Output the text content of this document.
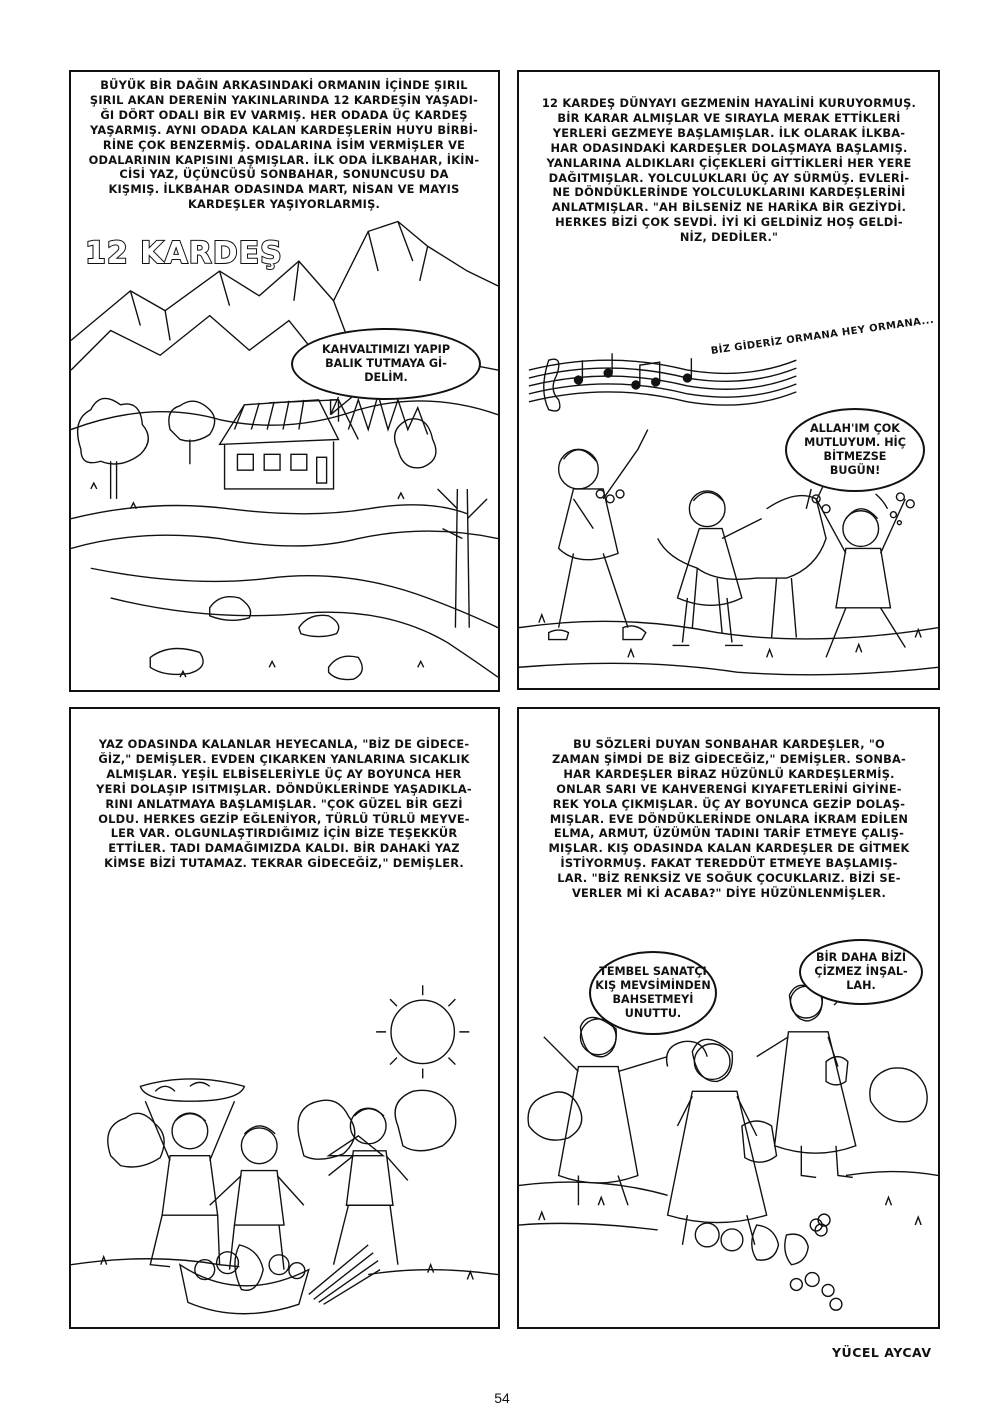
BÜYÜK BİR DAĞIN ARKASINDAKİ ORMANIN İÇİNDE ŞIRIL
ŞIRIL AKAN DERENİN YAKINLARINDA 12 KARDEŞİN YAŞADI-
ĞI DÖRT ODALI BİR EV VARMIŞ. HER ODADA ÜÇ KARDEŞ
YAŞARMIŞ. AYNI ODADA KALAN KARDEŞLERİN HUYU BİRBİ-
RİNE ÇOK BENZERMİŞ. ODALARINA İSİM VERMİŞLER VE
ODALARININ KAPISINI AŞMIŞLAR. İLK ODA İLKBAHAR, İKİN-
CİSİ YAZ, ÜÇÜNCÜSÜ SONBAHAR, SONUNCUSU DA
KIŞMIŞ. İLKBAHAR ODASINDA MART, NİSAN VE MAYIS
KARDEŞLER YAŞIYORLARMIŞ.
12 KARDEŞ
KAHVALTIMIZI YAPIP
BALIK TUTMAYA Gİ-
DELİM.
12 KARDEŞ DÜNYAYI GEZMENİN HAYALİNİ KURUYORMUŞ.
BİR KARAR ALMIŞLAR VE SIRAYLA MERAK ETTİKLERİ
YERLERİ GEZMEYE BAŞLAMIŞLAR. İLK OLARAK İLKBA-
HAR ODASINDAKİ KARDEŞLER DOLAŞMAYA BAŞLAMIŞ.
YANLARINA ALDIKLARI ÇİÇEKLERİ GİTTİKLERİ HER YERE
DAĞITMIŞLAR. YOLCULUKLARI ÜÇ AY SÜRMÜŞ. EVLERİ-
NE DÖNDÜKLERİNDE YOLCULUKLARINI KARDEŞLERİNİ
ANLATMIŞLAR. "AH BİLSENİZ NE HARİKA BİR GEZİYDİ.
HERKES BİZİ ÇOK SEVDİ. İYİ Kİ GELDİNİZ HOŞ GELDİ-
NİZ, DEDİLER."
BİZ GİDERİZ ORMANA HEY ORMANA...
ALLAH'IM ÇOK
MUTLUYUM. HİÇ
BİTMEZSE
BUGÜN!
YAZ ODASINDA KALANLAR HEYECANLA, "BİZ DE GİDECE-
ĞİZ," DEMİŞLER. EVDEN ÇIKARKEN YANLARINA SICAKLIK
ALMIŞLAR. YEŞİL ELBİSELERİYLE ÜÇ AY BOYUNCA HER
YERİ DOLAŞIP ISITMIŞLAR. DÖNDÜKLERİNDE YAŞADIKLA-
RINI ANLATMAYA BAŞLAMIŞLAR. "ÇOK GÜZEL BİR GEZİ
OLDU. HERKES GEZİP EĞLENİYOR, TÜRLÜ TÜRLÜ MEYVE-
LER VAR. OLGUNLAŞTIRDIĞIMIZ İÇİN BİZE TEŞEKKÜR
ETTİLER. TADI DAMAĞIMIZDA KALDI. BİR DAHAKİ YAZ
KİMSE BİZİ TUTAMAZ. TEKRAR GİDECEĞİZ," DEMİŞLER.
BU SÖZLERİ DUYAN SONBAHAR KARDEŞLER, "O
ZAMAN ŞİMDİ DE BİZ GİDECEĞİZ," DEMİŞLER. SONBA-
HAR KARDEŞLER BİRAZ HÜZÜNLÜ KARDEŞLERMİŞ.
ONLAR SARI VE KAHVERENGİ KIYAFETLERİNİ GİYİNE-
REK YOLA ÇIKMIŞLAR. ÜÇ AY BOYUNCA GEZİP DOLAŞ-
MIŞLAR. EVE DÖNDÜKLERİNDE ONLARA İKRAM EDİLEN
ELMA, ARMUT, ÜZÜMÜN TADINI TARİF ETMEYE ÇALIŞ-
MIŞLAR. KIŞ ODASINDA KALAN KARDEŞLER DE GİTMEK
İSTİYORMUŞ. FAKAT TEREDDÜT ETMEYE BAŞLAMIŞ-
LAR. "BİZ RENKSİZ VE SOĞUK ÇOCUKLARIZ. BİZİ SE-
VERLER Mİ Kİ ACABA?" DİYE HÜZÜNLENMİŞLER.
TEMBEL SANATÇI
KIŞ MEVSİMİNDEN
BAHSETMEYİ
UNUTTU.
BİR DAHA BİZİ
ÇİZMEZ İNŞAL-
LAH.
YÜCEL AYCAV
54
